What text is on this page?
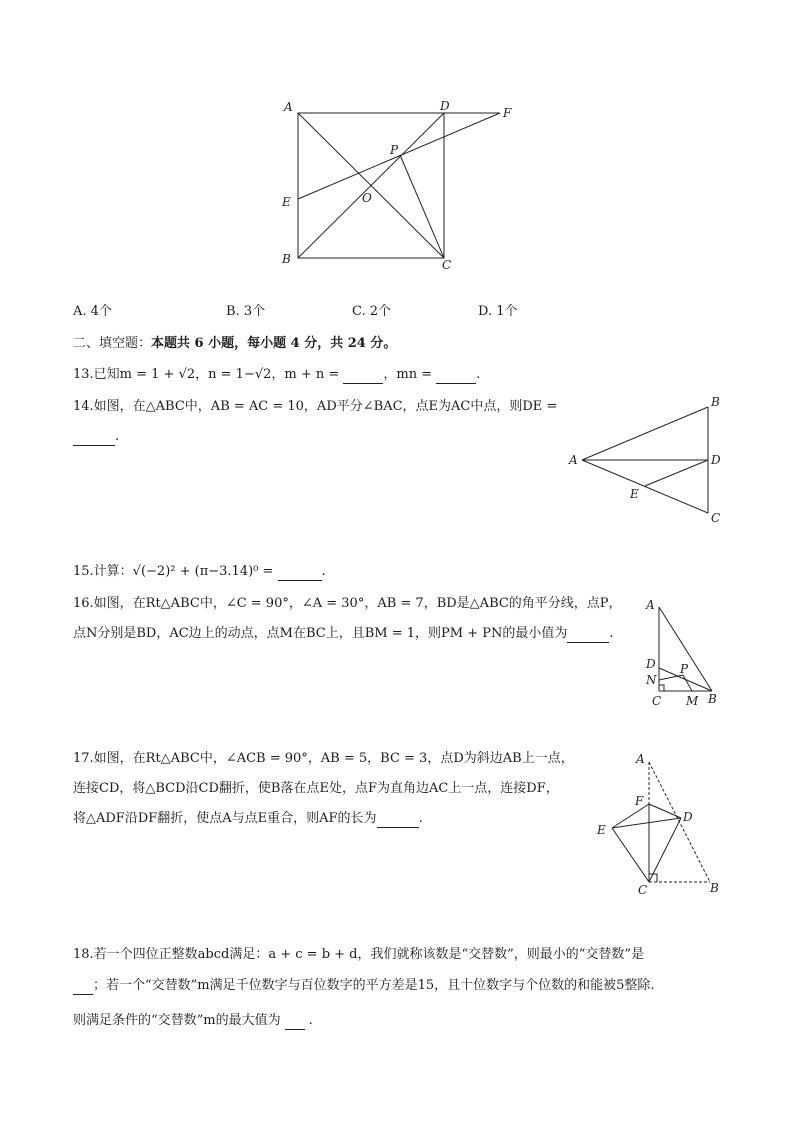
A	D	F
P
E	O
B	C
A. 4个	B. 3个	C. 2个	D. 1个
二、填空题：本题共 6 小题，每小题 4 分，共 24 分。
13.已知m = 1 + √2，n = 1−√2，m + n =	，mn =	.
14.如图，在△ABC中，AB = AC = 10，AD平分∠BAC，点E为AC中点，则DE =
.
B
A	D
E
C
15.计算：√(−2)² + (π−3.14)⁰ =	.
16.如图，在Rt△ABC中，∠C = 90°，∠A = 30°，AB = 7，BD是△ABC的角平分线，点P，
点N分别是BD，AC边上的动点，点M在BC上，且BM = 1，则PM + PN的最小值为	.
A
D P
N
C M B
17.如图，在Rt△ABC中，∠ACB = 90°，AB = 5，BC = 3，点D为斜边AB上一点，
连接CD，将△BCD沿CD翻折，使B落在点E处，点F为直角边AC上一点，连接DF，
将△ADF沿DF翻折，使点A与点E重合，则AF的长为	.
A
F
D
E
C	B
18.若一个四位正整数abcd满足：a + c = b + d，我们就称该数是“交替数”，则最小的“交替数”是
；若一个“交替数”m满足千位数字与百位数字的平方差是15，且十位数字与个位数的和能被5整除.
则满足条件的“交替数”m的最大值为 .
